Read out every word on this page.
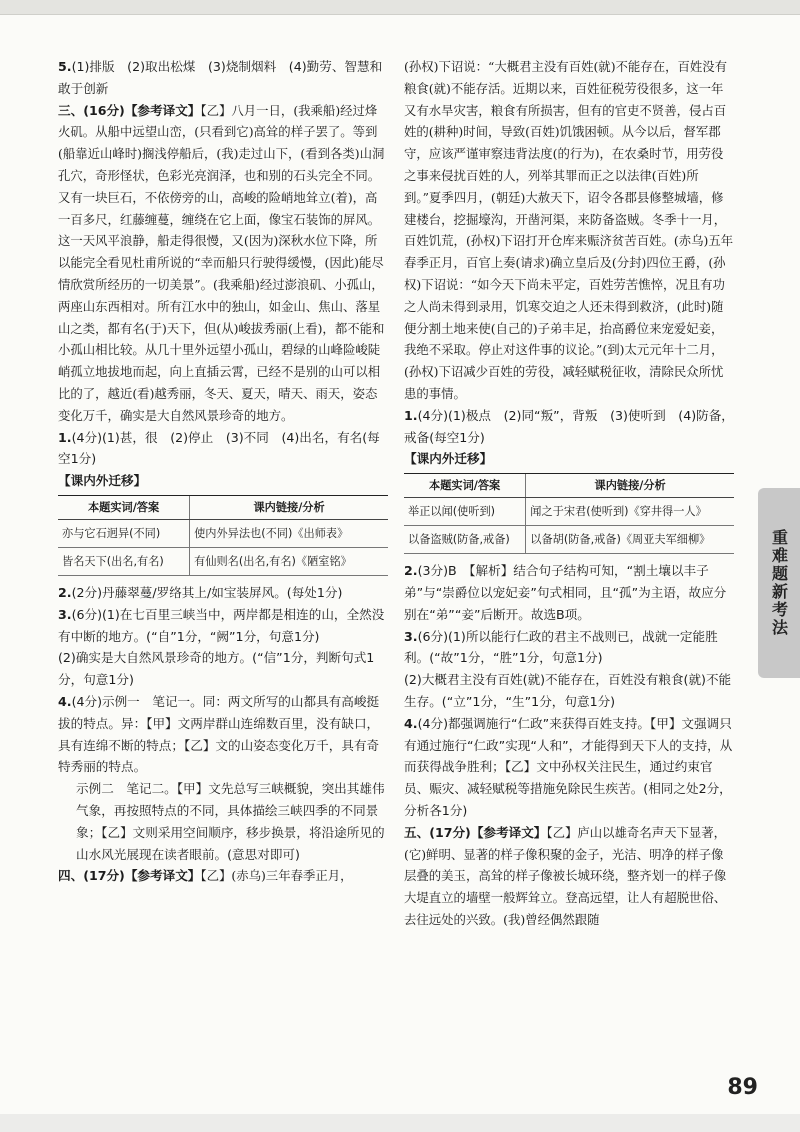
5.(1)排版　(2)取出松煤　(3)烧制烟料　(4)勤劳、智慧和敢于创新

三、(16分)【参考译文】【乙】八月一日，(我乘船)经过烽火矶。从船中远望山峦，(只看到它)高耸的样子罢了。等到(船靠近山峰时)搁浅停船后，(我)走过山下，(看到各类)山洞孔穴，奇形怪状，色彩光亮润泽，也和别的石头完全不同。又有一块巨石，不依傍旁的山，高峻的险峭地耸立(着)，高一百多尺，红藤缠蔓，缠绕在它上面，像宝石装饰的屏风。这一天风平浪静，船走得很慢，又(因为)深秋水位下降，所以能完全看见杜甫所说的“幸而船只行驶得缓慢，(因此)能尽情欣赏所经历的一切美景”。(我乘船)经过澎浪矶、小孤山，两座山东西相对。所有江水中的独山，如金山、焦山、落星山之类，都有名(于)天下，但(从)峻拔秀丽(上看)，都不能和小孤山相比较。从几十里外远望小孤山，碧绿的山峰险峻陡峭孤立地拔地而起，向上直插云霄，已经不是别的山可以相比的了，越近(看)越秀丽，冬天、夏天，晴天、雨天，姿态变化万千，确实是大自然风景珍奇的地方。

1.(4分)(1)甚，很　(2)停止　(3)不同　(4)出名，有名(每空1分)

【课内外迁移】

本题实词/答案	课内链接/分析
亦与它石迥异(不同)	使内外异法也(不同)《出师表》
皆名天下(出名,有名)	有仙则名(出名,有名)《陋室铭》

2.(2分)丹藤翠蔓/罗络其上/如宝装屏风。(每处1分)

3.(6分)(1)在七百里三峡当中，两岸都是相连的山，全然没有中断的地方。(“自”1分，“阙”1分，句意1分)

(2)确实是大自然风景珍奇的地方。(“信”1分，判断句式1分，句意1分)

4.(4分)示例一　笔记一。同：两文所写的山都具有高峻挺拔的特点。异：【甲】文两岸群山连绵数百里，没有缺口，具有连绵不断的特点；【乙】文的山姿态变化万千，具有奇特秀丽的特点。

示例二　笔记二。【甲】文先总写三峡概貌，突出其雄伟气象，再按照特点的不同，具体描绘三峡四季的不同景象；【乙】文则采用空间顺序，移步换景，将沿途所见的山水风光展现在读者眼前。(意思对即可)

四、(17分)【参考译文】【乙】(赤乌)三年春季正月，

(孙权)下诏说：“大概君主没有百姓(就)不能存在，百姓没有粮食(就)不能存活。近期以来，百姓征税劳役很多，这一年又有水旱灾害，粮食有所损害，但有的官吏不贤善，侵占百姓的(耕种)时间，导致(百姓)饥饿困顿。从今以后，督军郡守，应该严谨审察违背法度(的行为)，在农桑时节，用劳役之事来侵扰百姓的人，列举其罪而正之以法律(百姓)所到。”夏季四月，(朝廷)大赦天下，诏令各郡县修整城墙，修建楼台，挖掘壕沟，开凿河渠，来防备盗贼。冬季十一月，百姓饥荒，(孙权)下诏打开仓库来赈济贫苦百姓。(赤乌)五年春季正月，百官上奏(请求)确立皇后及(分封)四位王爵，(孙权)下诏说：“如今天下尚未平定，百姓劳苦憔悴，况且有功之人尚未得到录用，饥寒交迫之人还未得到救济，(此时)随便分割土地来使(自己的)子弟丰足，抬高爵位来宠爱妃妾，我绝不采取。停止对这件事的议论。”(到)太元元年十二月，(孙权)下诏减少百姓的劳役，减轻赋税征收，清除民众所忧患的事情。

1.(4分)(1)极点　(2)同“叛”，背叛　(3)使听到　(4)防备，戒备(每空1分)

【课内外迁移】

本题实词/答案	课内链接/分析
举正以闻(使听到)	闻之于宋君(使听到)《穿井得一人》
以备盗贼(防备,戒备)	以备胡(防备,戒备)《周亚夫军细柳》

2.(3分)B　【解析】结合句子结构可知，“割土壤以丰子弟”与“崇爵位以宠妃妾”句式相同，且“孤”为主语，故应分别在“弟”“妾”后断开。故选B项。

3.(6分)(1)所以能行仁政的君主不战则已，战就一定能胜利。(“故”1分，“胜”1分，句意1分)

(2)大概君主没有百姓(就)不能存在，百姓没有粮食(就)不能生存。(“立”1分，“生”1分，句意1分)

4.(4分)都强调施行“仁政”来获得百姓支持。【甲】文强调只有通过施行“仁政”实现“人和”，才能得到天下人的支持，从而获得战争胜利；【乙】文中孙权关注民生，通过约束官员、赈灾、减轻赋税等措施免除民生疾苦。(相同之处2分，分析各1分)

五、(17分)【参考译文】【乙】庐山以雄奇名声天下显著，(它)鲜明、显著的样子像积聚的金子，光洁、明净的样子像层叠的美玉，高耸的样子像被长城环绕，整齐划一的样子像大堤直立的墙壁一般辉耸立。登高远望，让人有超脱世俗、去往远处的兴致。(我)曾经偶然跟随

重难题新考法
89
